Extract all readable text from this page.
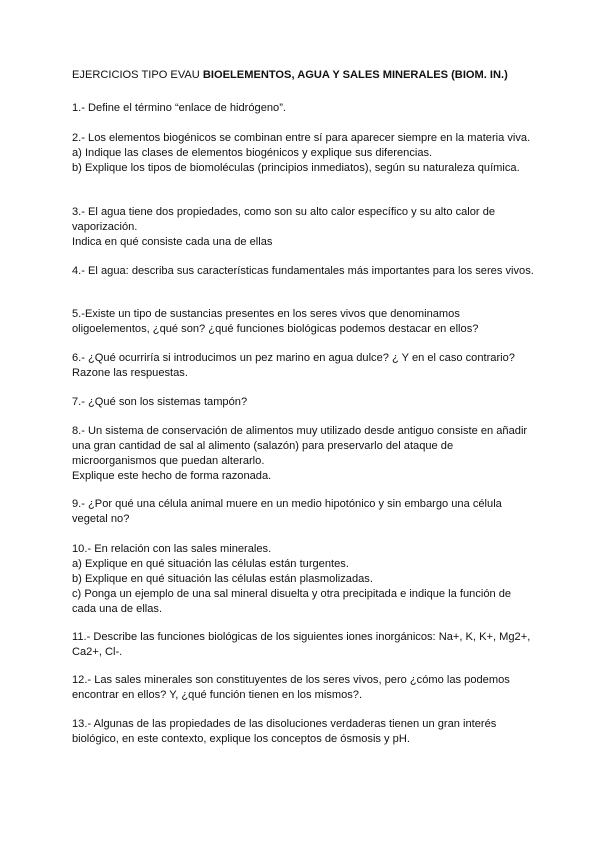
EJERCICIOS TIPO EVAU BIOELEMENTOS, AGUA Y SALES MINERALES (BIOM. IN.)

1.- Define el término “enlace de hidrógeno”.

2.- Los elementos biogénicos se combinan entre sí para aparecer siempre en la materia viva.

a) Indique las clases de elementos biogénicos y explique sus diferencias.

b) Explique los tipos de biomoléculas (principios inmediatos), según su naturaleza química.

3.- El agua tiene dos propiedades, como son su alto calor específico y su alto calor de vaporización.

Indica en qué consiste cada una de ellas

4.- El agua: describa sus características fundamentales más importantes para los seres vivos.

5.-Existe un tipo de sustancias presentes en los seres vivos que denominamos oligoelementos, ¿qué son? ¿qué funciones biológicas podemos destacar en ellos?

6.- ¿Qué ocurriría si introducimos un pez marino en agua dulce? ¿ Y en el caso contrario? Razone las respuestas.

7.- ¿Qué son los sistemas tampón?

8.- Un sistema de conservación de alimentos muy utilizado desde antiguo consiste en añadir una gran cantidad de sal al alimento (salazón) para preservarlo del ataque de microorganismos que puedan alterarlo.

Explique este hecho de forma razonada.

9.- ¿Por qué una célula animal muere en un medio hipotónico y sin embargo una célula vegetal no?

10.- En relación con las sales minerales.

a) Explique en qué situación las células están turgentes.

b) Explique en qué situación las células están plasmolizadas.

c) Ponga un ejemplo de una sal mineral disuelta y otra precipitada e indique la función de cada una de ellas.

11.- Describe las funciones biológicas de los siguientes iones inorgánicos: Na+, K, K+, Mg2+, Ca2+, Cl-.

12.- Las sales minerales son constituyentes de los seres vivos, pero ¿cómo las podemos encontrar en ellos? Y, ¿qué función tienen en los mismos?.

13.- Algunas de las propiedades de las disoluciones verdaderas tienen un gran interés biológico, en este contexto, explique los conceptos de ósmosis y pH.
